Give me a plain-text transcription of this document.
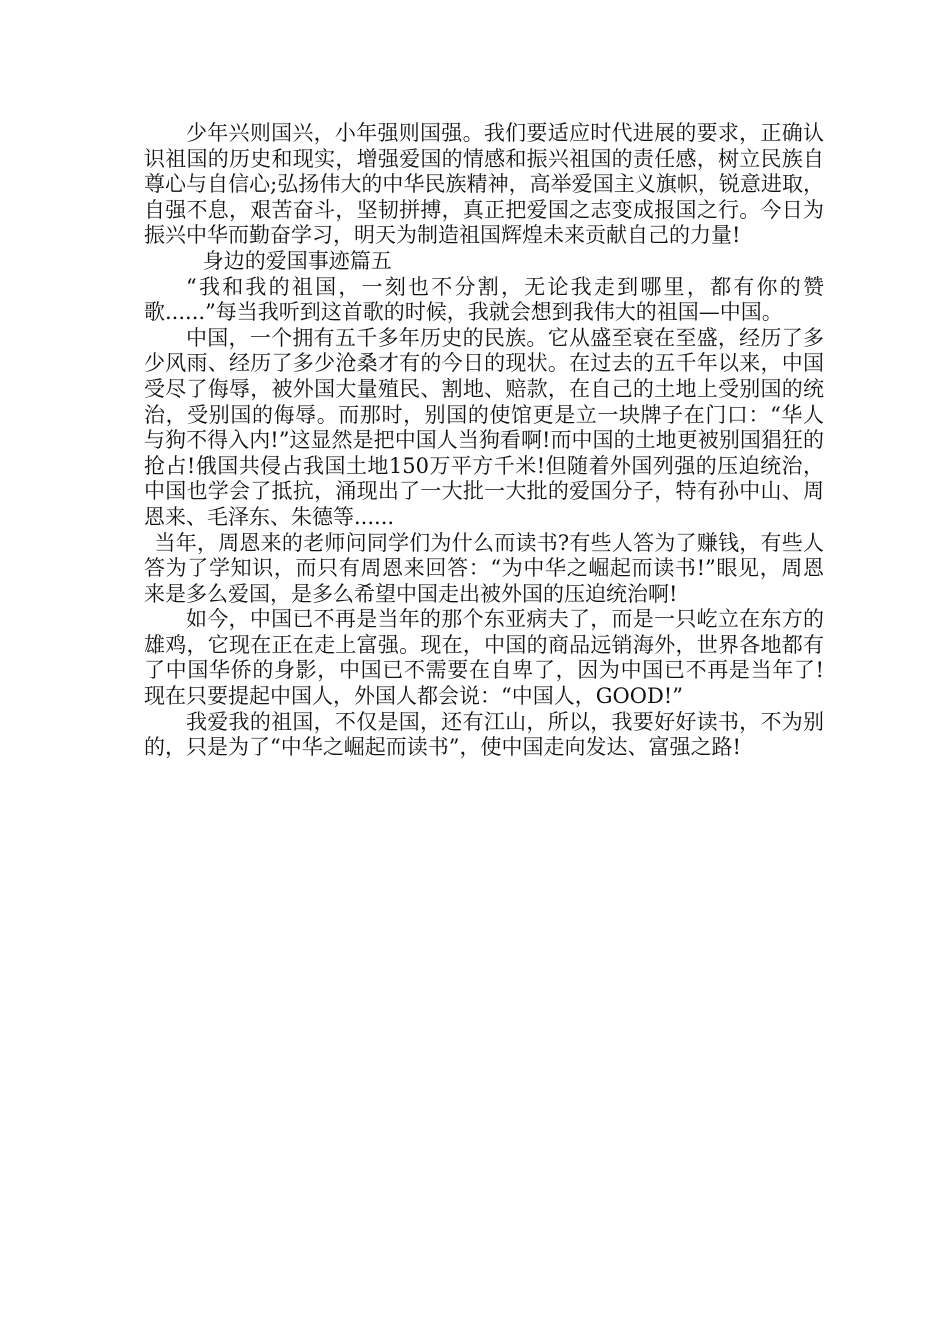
少年兴则国兴，小年强则国强。我们要适应时代进展的要求，正确认识祖国的历史和现实，增强爱国的情感和振兴祖国的责任感，树立民族自尊心与自信心;弘扬伟大的中华民族精神，高举爱国主义旗帜，锐意进取，自强不息，艰苦奋斗，坚韧拼搏，真正把爱国之志变成报国之行。今日为振兴中华而勤奋学习，明天为制造祖国辉煌未来贡献自己的力量!

身边的爱国事迹篇五

“我和我的祖国，一刻也不分割，无论我走到哪里，都有你的赞歌......”每当我听到这首歌的时候，我就会想到我伟大的祖国—中国。

中国，一个拥有五千多年历史的民族。它从盛至衰在至盛，经历了多少风雨、经历了多少沧桑才有的今日的现状。在过去的五千年以来，中国受尽了侮辱，被外国大量殖民、割地、赔款，在自己的土地上受别国的统治，受别国的侮辱。而那时，别国的使馆更是立一块牌子在门口：“华人与狗不得入内!”这显然是把中国人当狗看啊!而中国的土地更被别国猖狂的抢占!俄国共侵占我国土地150万平方千米!但随着外国列强的压迫统治，中国也学会了抵抗，涌现出了一大批一大批的爱国分子，特有孙中山、周恩来、毛泽东、朱德等......

当年，周恩来的老师问同学们为什么而读书?有些人答为了赚钱，有些人答为了学知识，而只有周恩来回答：“为中华之崛起而读书!”眼见，周恩来是多么爱国，是多么希望中国走出被外国的压迫统治啊!

如今，中国已不再是当年的那个东亚病夫了，而是一只屹立在东方的雄鸡，它现在正在走上富强。现在，中国的商品远销海外，世界各地都有了中国华侨的身影，中国已不需要在自卑了，因为中国已不再是当年了!现在只要提起中国人，外国人都会说：“中国人，GOOD!”

我爱我的祖国，不仅是国，还有江山，所以，我要好好读书，不为别的，只是为了“中华之崛起而读书”，使中国走向发达、富强之路!
